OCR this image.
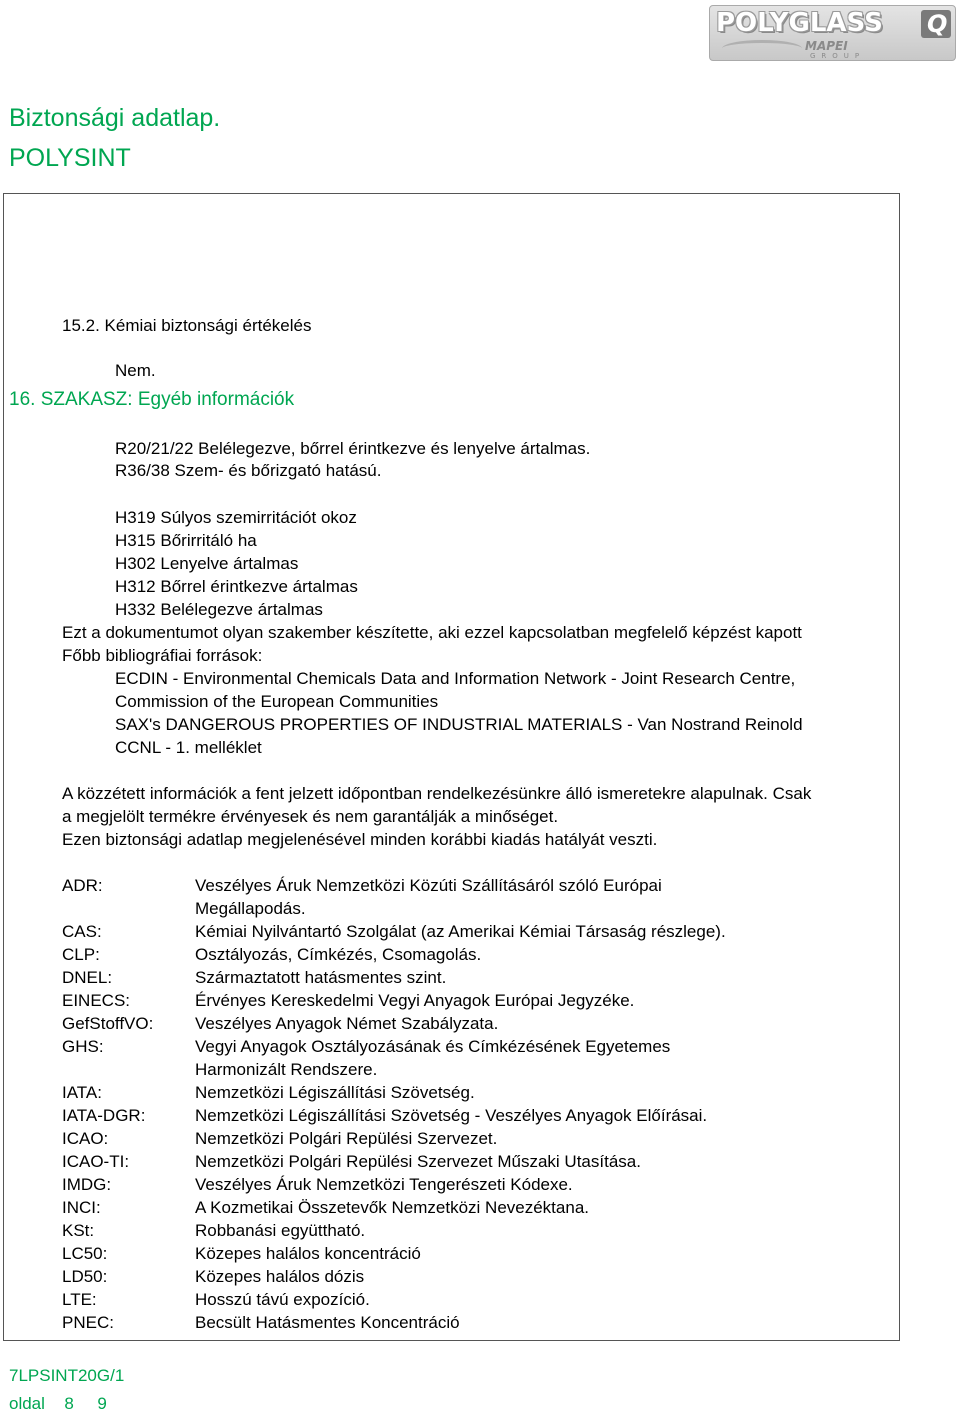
POLYGLASS Q
MAPEI
GROUP
Biztonsági adatlap.
POLYSINT
15.2. Kémiai biztonsági értékelés
Nem.
16. SZAKASZ: Egyéb információk
R20/21/22 Belélegezve, bőrrel érintkezve és lenyelve ártalmas.
R36/38 Szem- és bőrizgató hatású.
H319 Súlyos szemirritációt okoz
H315 Bőrirritáló ha
H302 Lenyelve ártalmas
H312 Bőrrel érintkezve ártalmas
H332 Belélegezve ártalmas
Ezt a dokumentumot olyan szakember készítette, aki ezzel kapcsolatban megfelelő képzést kapott
Főbb bibliográfiai források:
ECDIN - Environmental Chemicals Data and Information Network - Joint Research Centre,
Commission of the European Communities
SAX's DANGEROUS PROPERTIES OF INDUSTRIAL MATERIALS - Van Nostrand Reinold
CCNL - 1. melléklet
A közzétett információk a fent jelzett időpontban rendelkezésünkre álló ismeretekre alapulnak. Csak
a megjelölt termékre érvényesek és nem garantálják a minőséget.
Ezen biztonsági adatlap megjelenésével minden korábbi kiadás hatályát veszti.
ADR:	Veszélyes Áruk Nemzetközi Közúti Szállításáról szóló Európai
Megállapodás.
CAS:	Kémiai Nyilvántartó Szolgálat (az Amerikai Kémiai Társaság részlege).
CLP:	Osztályozás, Címkézés, Csomagolás.
DNEL:	Származtatott hatásmentes szint.
EINECS:	Érvényes Kereskedelmi Vegyi Anyagok Európai Jegyzéke.
GefStoffVO: Veszélyes Anyagok Német Szabályzata.
GHS:	Vegyi Anyagok Osztályozásának és Címkézésének Egyetemes
Harmonizált Rendszere.
IATA:	Nemzetközi Légiszállítási Szövetség.
IATA-DGR:	Nemzetközi Légiszállítási Szövetség - Veszélyes Anyagok Előírásai.
ICAO:	Nemzetközi Polgári Repülési Szervezet.
ICAO-TI:	Nemzetközi Polgári Repülési Szervezet Műszaki Utasítása.
IMDG:	Veszélyes Áruk Nemzetközi Tengerészeti Kódexe.
INCI:	A Kozmetikai Összetevők Nemzetközi Nevezéktana.
KSt:	Robbanási együttható.
LC50:	Közepes halálos koncentráció
LD50:	Közepes halálos dózis
LTE:	Hosszú távú expozíció.
PNEC:	Becsült Hatásmentes Koncentráció
7LPSINT20G/1
oldal 8 9
